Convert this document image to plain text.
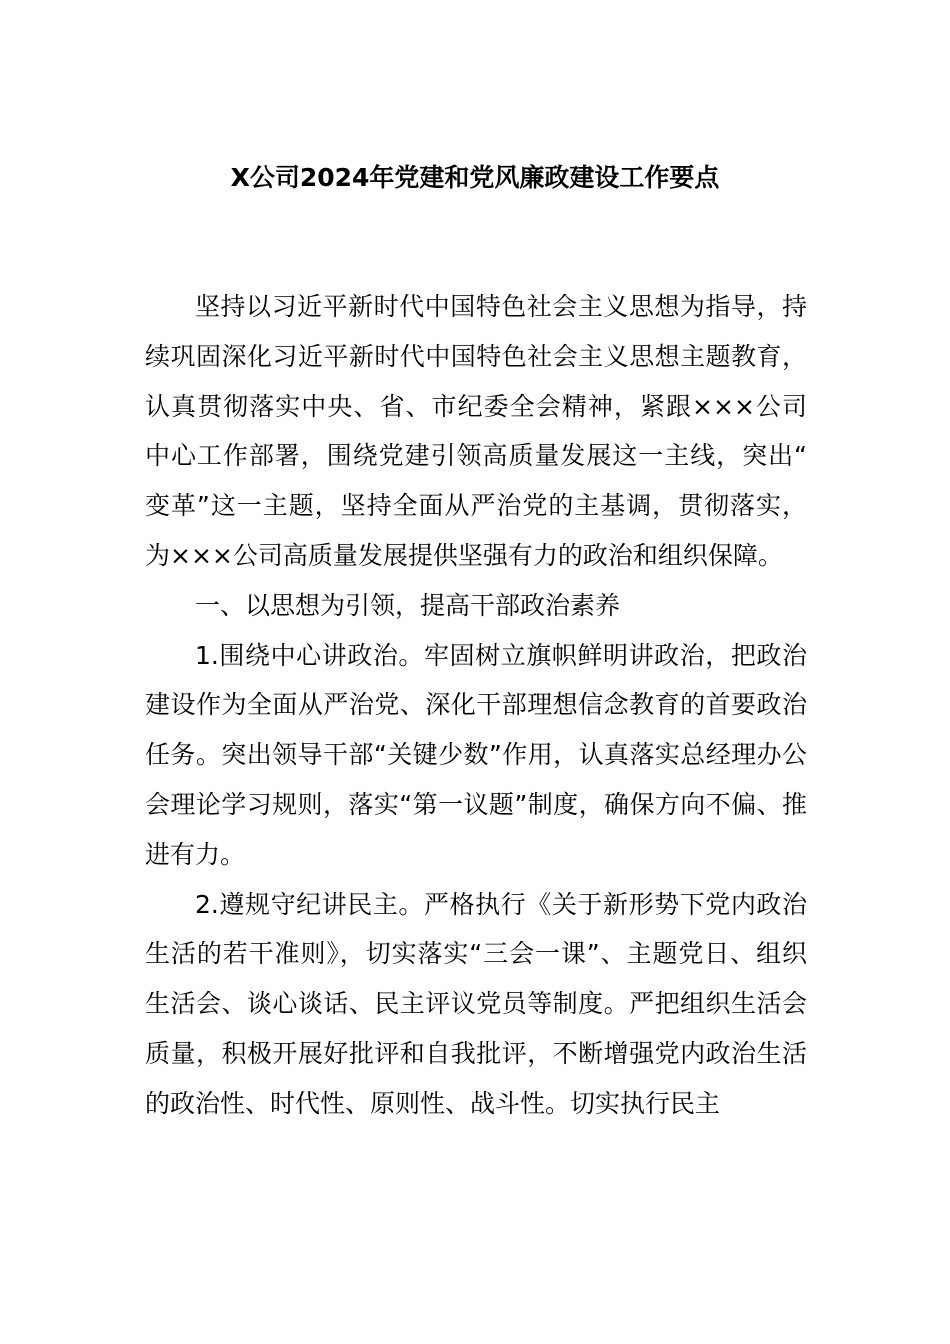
X公司2024年党建和党风廉政建设工作要点

坚持以习近平新时代中国特色社会主义思想为指导，持续巩固深化习近平新时代中国特色社会主义思想主题教育，认真贯彻落实中央、省、市纪委全会精神，紧跟×××公司中心工作部署，围绕党建引领高质量发展这一主线，突出“变革”这一主题，坚持全面从严治党的主基调，贯彻落实，为×××公司高质量发展提供坚强有力的政治和组织保障。

一、以思想为引领，提高干部政治素养

1.围绕中心讲政治。牢固树立旗帜鲜明讲政治，把政治建设作为全面从严治党、深化干部理想信念教育的首要政治任务。突出领导干部“关键少数”作用，认真落实总经理办公会理论学习规则，落实“第一议题”制度，确保方向不偏、推进有力。

2.遵规守纪讲民主。严格执行《关于新形势下党内政治生活的若干准则》，切实落实“三会一课”、主题党日、组织生活会、谈心谈话、民主评议党员等制度。严把组织生活会质量，积极开展好批评和自我批评，不断增强党内政治生活的政治性、时代性、原则性、战斗性。切实执行民主
